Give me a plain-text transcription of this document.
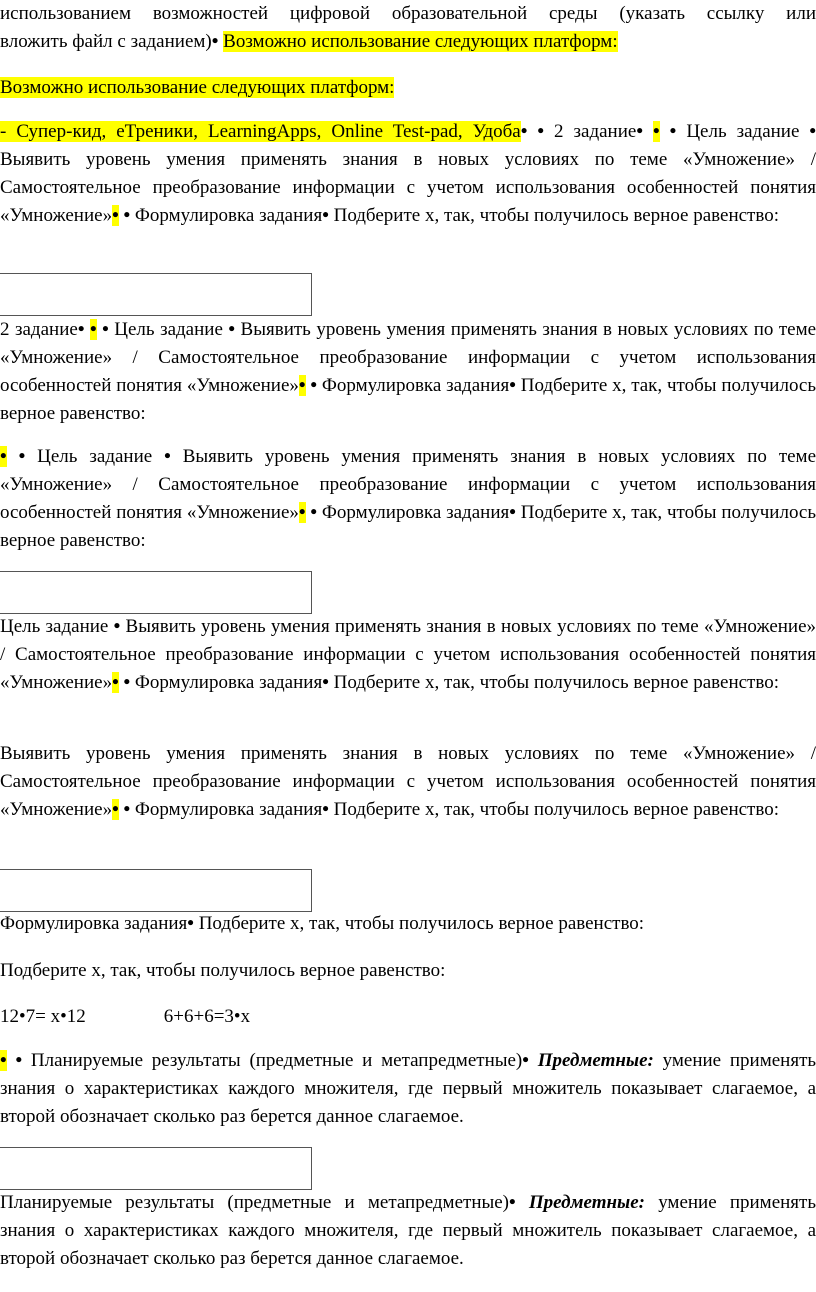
использованием возможностей цифровой образовательной среды (указать ссылку или

вложить файл с заданием)• Возможно использование следующих платформ:

Возможно использование следующих платформ:

- Супер-кид, еТреники, LearningApps, Online Test-pad, Удоба• • 2 задание• • • Цель задание • Выявить уровень умения применять знания в новых условиях по теме «Умножение» / Самостоятельное преобразование информации с учетом использования особенностей понятия «Умножение»• • Формулировка задания• Подберите x, так, чтобы получилось верное равенство:

2 задание• • • Цель задание • Выявить уровень умения применять знания в новых условиях по теме «Умножение» / Самостоятельное преобразование информации с учетом использования особенностей понятия «Умножение»• • Формулировка задания• Подберите x, так, чтобы получилось верное равенство:

• • Цель задание • Выявить уровень умения применять знания в новых условиях по теме «Умножение» / Самостоятельное преобразование информации с учетом использования особенностей понятия «Умножение»• • Формулировка задания• Подберите x, так, чтобы получилось верное равенство:

Цель задание • Выявить уровень умения применять знания в новых условиях по теме «Умножение» / Самостоятельное преобразование информации с учетом использования особенностей понятия «Умножение»• • Формулировка задания• Подберите x, так, чтобы получилось верное равенство:

Выявить уровень умения применять знания в новых условиях по теме «Умножение» / Самостоятельное преобразование информации с учетом использования особенностей понятия «Умножение»• • Формулировка задания• Подберите x, так, чтобы получилось верное равенство:

Формулировка задания• Подберите x, так, чтобы получилось верное равенство:

Подберите x, так, чтобы получилось верное равенство:

12•7= x•12	6+6+6=3•x

• • Планируемые результаты (предметные и метапредметные)• Предметные: умение применять знания о характеристиках каждого множителя, где первый множитель показывает слагаемое, а второй обозначает сколько раз берется данное слагаемое.

Планируемые результаты (предметные и метапредметные)• Предметные: умение применять знания о характеристиках каждого множителя, где первый множитель показывает слагаемое, а второй обозначает сколько раз берется данное слагаемое.
